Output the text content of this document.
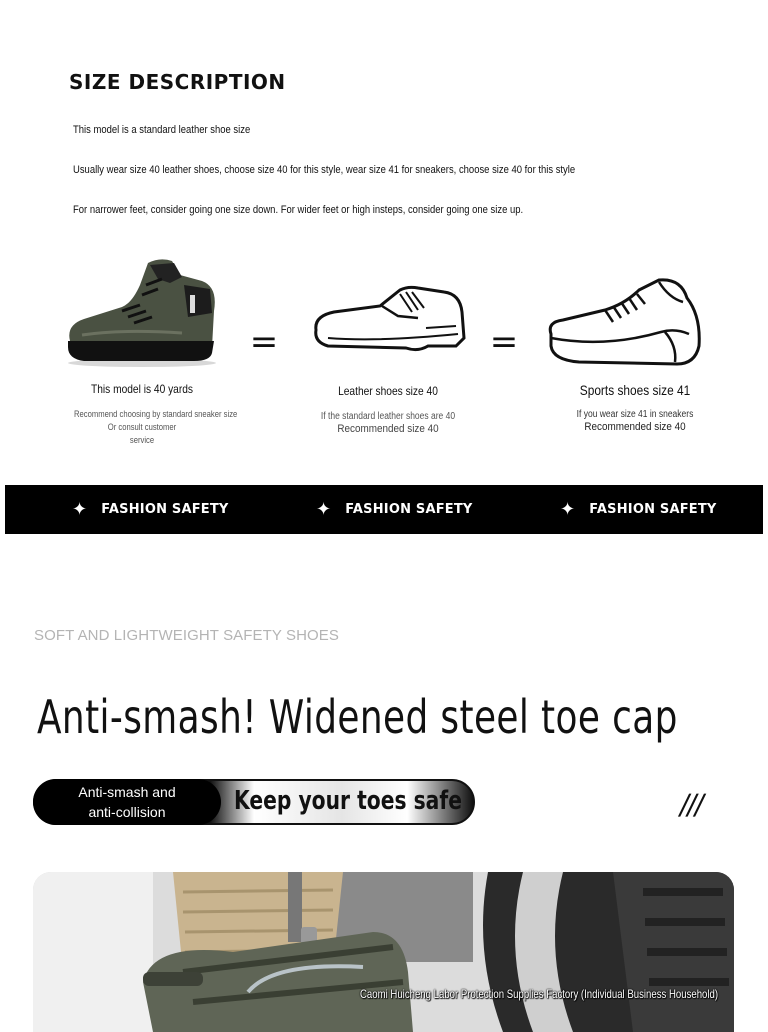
SIZE DESCRIPTION
This model is a standard leather shoe size
Usually wear size 40 leather shoes, choose size 40 for this style, wear size 41 for sneakers, choose size 40 for this style
For narrower feet, consider going one size down. For wider feet or high insteps, consider going one size up.
=	=
This model is 40 yards
Recommend choosing by standard sneaker size
Or consult customer
service
Leather shoes size 40
If the standard leather shoes are 40
Recommended size 40
Sports shoes size 41
If you wear size 41 in sneakers
Recommended size 40
✦ FASHION SAFETY	✦ FASHION SAFETY	✦ FASHION SAFETY
SOFT AND LIGHTWEIGHT SAFETY SHOES
Anti-smash! Widened steel toe cap
Anti-smash and
anti-collision	Keep your toes safe	///
Caomi Huicheng Labor Protection Supplies Factory (Individual Business Household)
